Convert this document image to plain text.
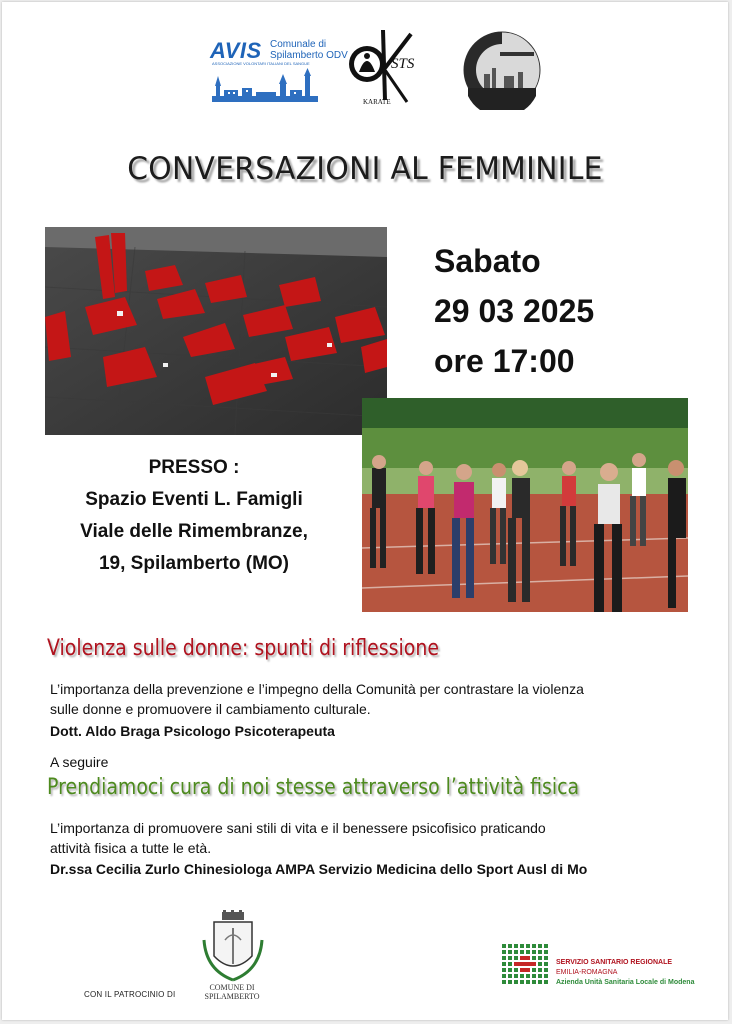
AVIS Comunale di
Spilamberto ODV
ASSOCIAZIONE VOLONTARI ITALIANI DEL SANGUE	STS
KARATE
CONVERSAZIONI AL FEMMINILE
Sabato
29 03 2025
ore 17:00
PRESSO :
Spazio Eventi L. Famigli
Viale delle Rimembranze,
19, Spilamberto (MO)
Violenza sulle donne: spunti di riflessione
L’importanza della prevenzione e l’impegno della Comunità per contrastare la violenza
sulle donne e promuovere il cambiamento culturale.
Dott. Aldo Braga Psicologo Psicoterapeuta
A seguire
Prendiamoci cura di noi stesse attraverso l’attività fisica
L’importanza di promuovere sani stili di vita e il benessere psicofisico praticando
attività fisica a tutte le età.
Dr.ssa Cecilia Zurlo Chinesiologa AMPA Servizio Medicina dello Sport Ausl di Mo
CON IL PATROCINIO DI
COMUNE DI
SPILAMBERTO
SERVIZIO SANITARIO REGIONALE
EMILIA-ROMAGNA
Azienda Unità Sanitaria Locale di Modena
